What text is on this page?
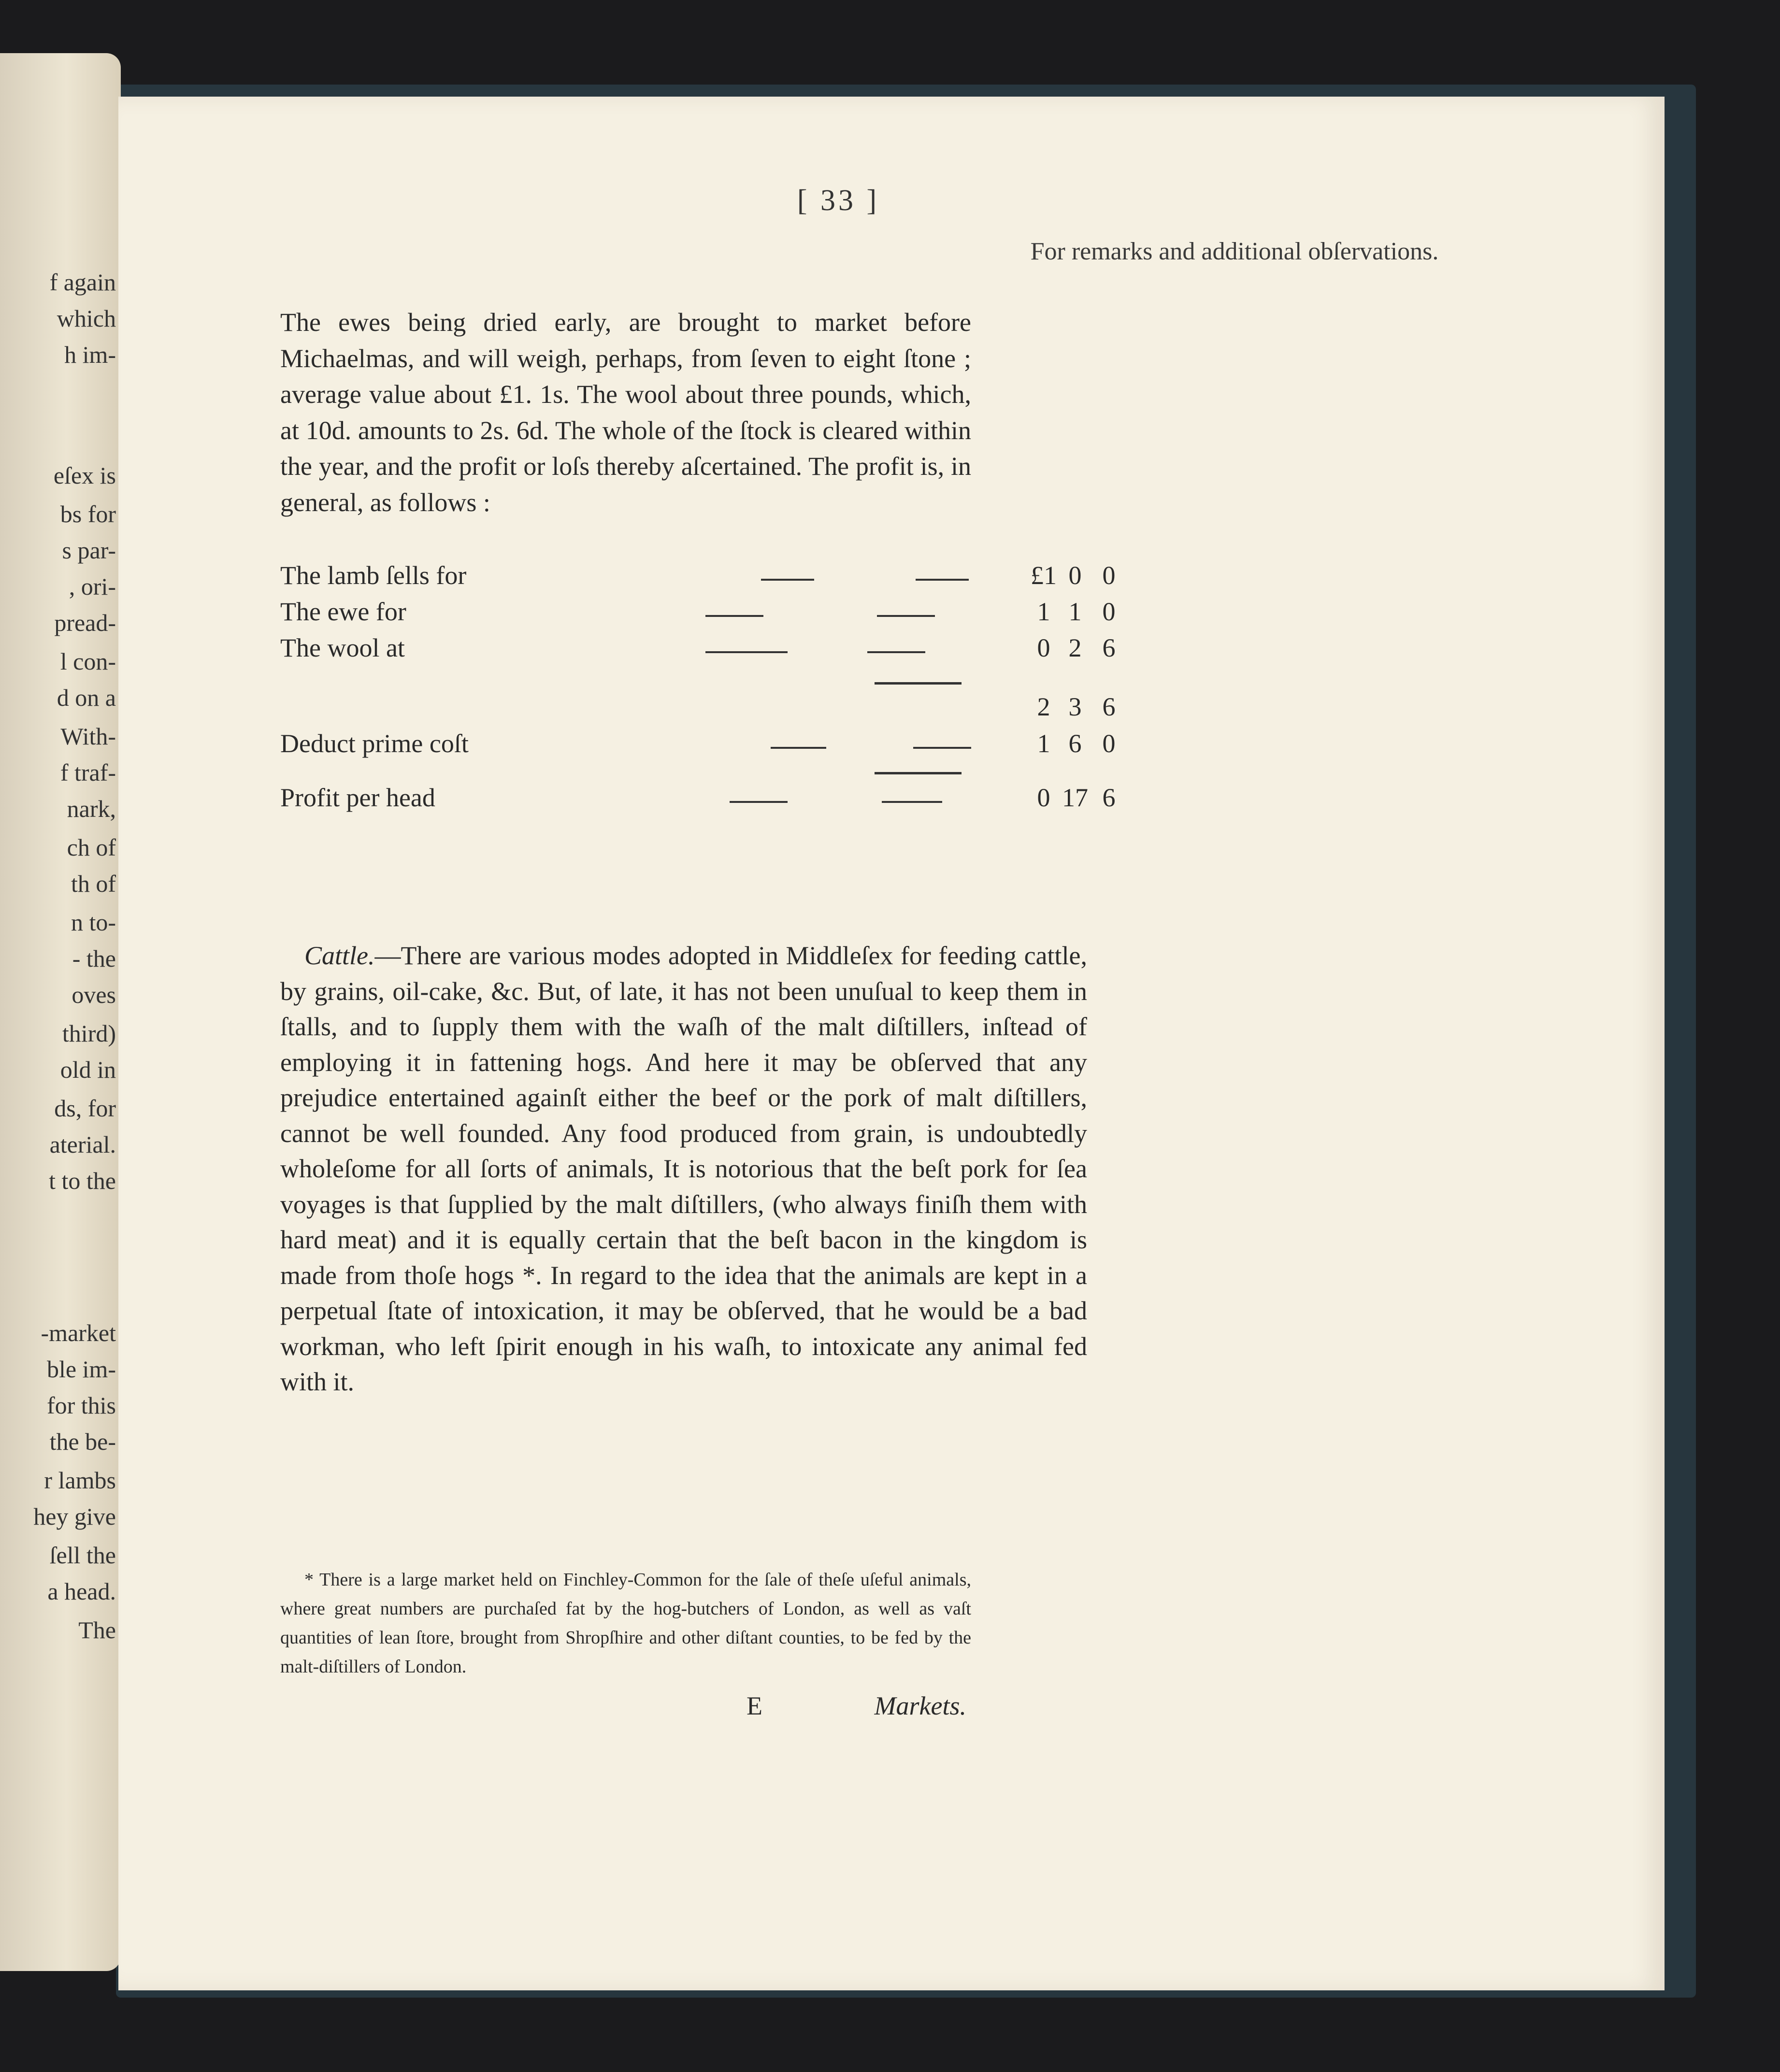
f again
which
h im-
eſex is
bs for
s par-
, ori-
pread-
l con-
d on a
With-
f traf-
nark,
ch of
th of
n to-
- the
oves
third)
old in
ds, for
aterial.
t to the
-market
ble im-
for this
the be-
r lambs
hey give
ſell the
a head.
The
[ 33 ]
For remarks and additional obſervations.

The ewes being dried early, are brought to market before Michaelmas, and will weigh, perhaps, from ſeven to eight ſtone ; average value about £1. 1s. The wool about three pounds, which, at 10d. amounts to 2s. 6d. The whole of the ſtock is cleared within the year, and the profit or loſs thereby aſcertained. The profit is, in general, as follows :

The lamb ſells for	£1 0 0
The ewe for	1 1 0
The wool at	0 2 6
2 3 6
Deduct prime coſt	1 6 0
Profit per head	0 17 6

Cattle.—There are various modes adopted in Middleſex for feeding cattle, by grains, oil-cake, &c. But, of late, it has not been unuſual to keep them in ſtalls, and to ſupply them with the waſh of the malt diſtillers, inſtead of employing it in fattening hogs. And here it may be obſerved that any prejudice entertained againſt either the beef or the pork of malt diſtillers, cannot be well founded. Any food produced from grain, is undoubtedly wholeſome for all ſorts of animals, It is notorious that the beſt pork for ſea voyages is that ſupplied by the malt diſtillers, (who always finiſh them with hard meat) and it is equally certain that the beſt bacon in the kingdom is made from thoſe hogs *. In regard to the idea that the animals are kept in a perpetual ſtate of intoxication, it may be obſerved, that he would be a bad workman, who left ſpirit enough in his waſh, to intoxicate any animal fed with it.

* There is a large market held on Finchley-Common for the ſale of theſe uſeful animals, where great numbers are purchaſed fat by the hog-butchers of London, as well as vaſt quantities of lean ſtore, brought from Shropſhire and other diſtant counties, to be fed by the malt-diſtillers of London.

E	Markets.
